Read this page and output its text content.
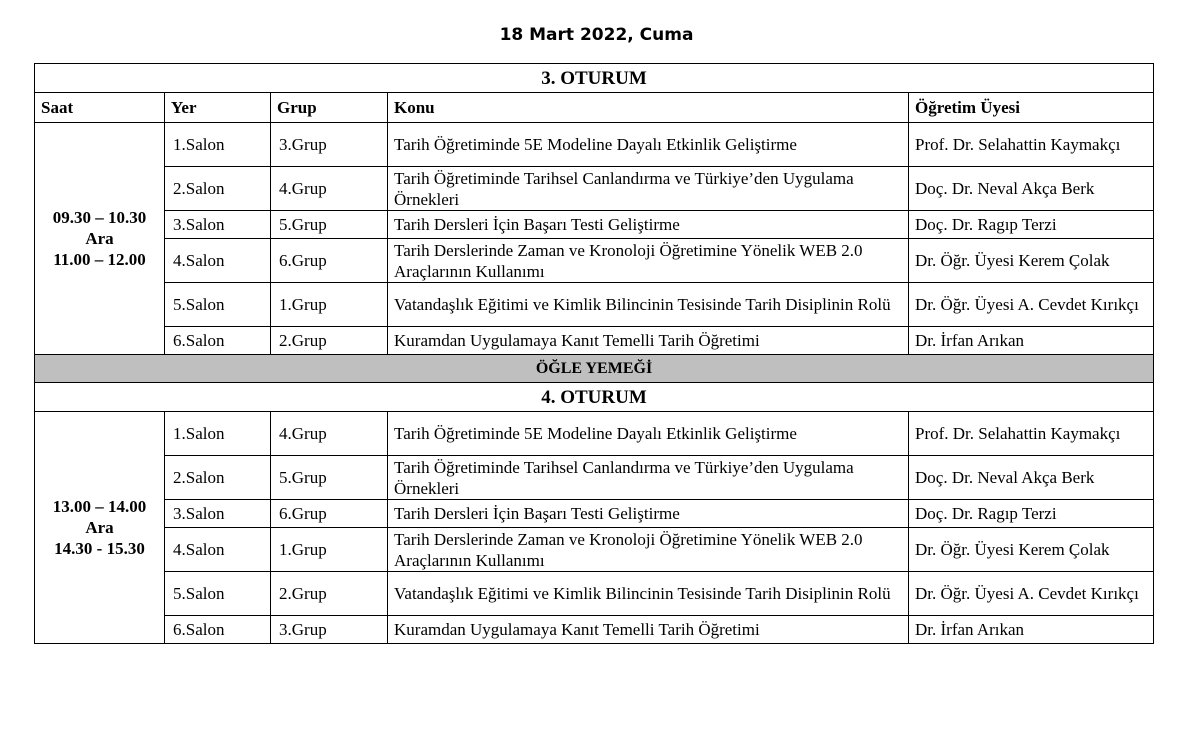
18 Mart 2022, Cuma
3. OTURUM				
Saat	Yer	Grup	Konu	Öğretim Üyesi

09.30 – 10.30
Ara
11.00 – 12.00	1.Salon	3.Grup	Tarih Öğretiminde 5E Modeline Dayalı Etkinlik Geliştirme	Prof. Dr. Selahattin Kaymakçı
	2.Salon	4.Grup	Tarih Öğretiminde Tarihsel Canlandırma ve Türkiye’den Uygulama Örnekleri	Doç. Dr. Neval Akça Berk
	3.Salon	5.Grup	Tarih Dersleri İçin Başarı Testi Geliştirme	Doç. Dr. Ragıp Terzi
	4.Salon	6.Grup	Tarih Derslerinde Zaman ve Kronoloji Öğretimine Yönelik WEB 2.0 Araçlarının Kullanımı	Dr. Öğr. Üyesi Kerem Çolak
	5.Salon	1.Grup	Vatandaşlık Eğitimi ve Kimlik Bilincinin Tesisinde Tarih Disiplinin Rolü	Dr. Öğr. Üyesi A. Cevdet Kırıkçı
	6.Salon	2.Grup	Kuramdan Uygulamaya Kanıt Temelli Tarih Öğretimi	Dr. İrfan Arıkan
ÖĞLE YEMEĞİ				
4. OTURUM				

13.00 – 14.00
Ara
14.30 - 15.30	1.Salon	4.Grup	Tarih Öğretiminde 5E Modeline Dayalı Etkinlik Geliştirme	Prof. Dr. Selahattin Kaymakçı
	2.Salon	5.Grup	Tarih Öğretiminde Tarihsel Canlandırma ve Türkiye’den Uygulama Örnekleri	Doç. Dr. Neval Akça Berk
	3.Salon	6.Grup	Tarih Dersleri İçin Başarı Testi Geliştirme	Doç. Dr. Ragıp Terzi
	4.Salon	1.Grup	Tarih Derslerinde Zaman ve Kronoloji Öğretimine Yönelik WEB 2.0 Araçlarının Kullanımı	Dr. Öğr. Üyesi Kerem Çolak
	5.Salon	2.Grup	Vatandaşlık Eğitimi ve Kimlik Bilincinin Tesisinde Tarih Disiplinin Rolü	Dr. Öğr. Üyesi A. Cevdet Kırıkçı
	6.Salon	3.Grup	Kuramdan Uygulamaya Kanıt Temelli Tarih Öğretimi	Dr. İrfan Arıkan
